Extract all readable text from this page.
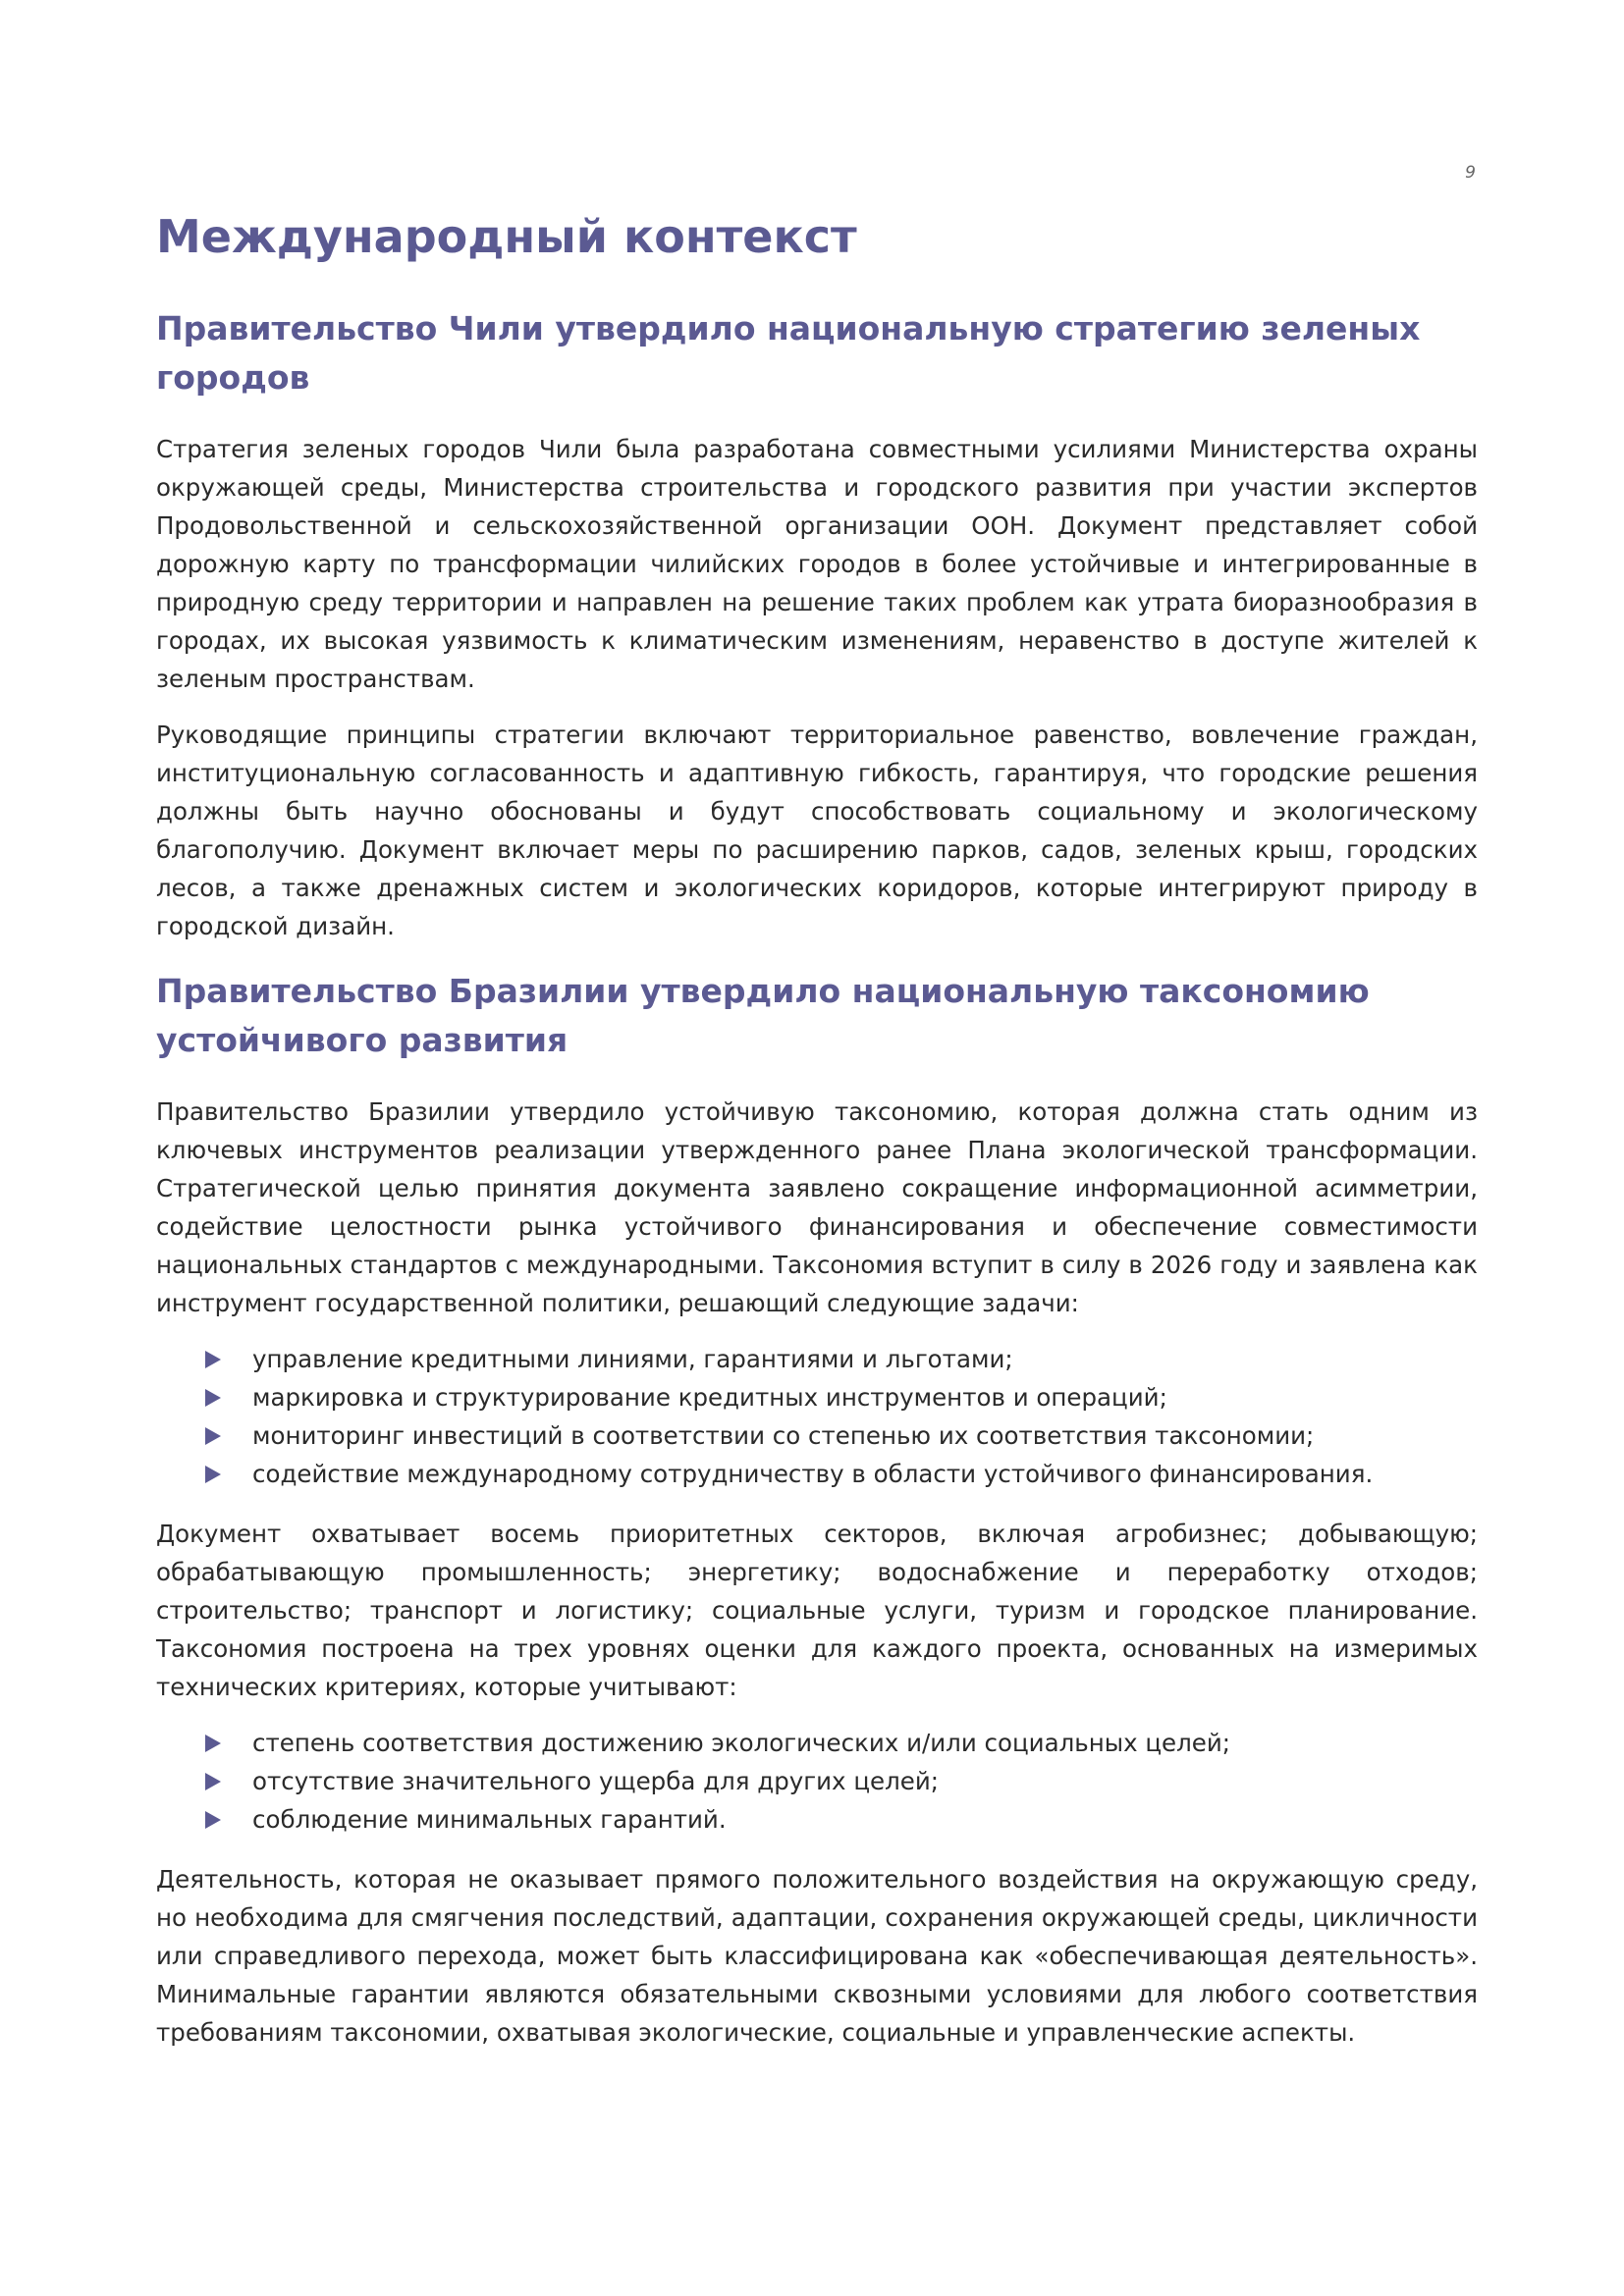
9
Международный контекст
Правительство Чили утвердило национальную стратегию зеленых городов

Стратегия зеленых городов Чили была разработана совместными усилиями Министерства охраны окружающей среды, Министерства строительства и городского развития при участии экспертов Продовольственной и сельскохозяйственной организации ООН. Документ представляет собой дорожную карту по трансформации чилийских городов в более устойчивые и интегрированные в природную среду территории и направлен на решение таких проблем как утрата биоразнообразия в городах, их высокая уязвимость к климатическим изменениям, неравенство в доступе жителей к зеленым пространствам.

Руководящие принципы стратегии включают территориальное равенство, вовлечение граждан, институциональную согласованность и адаптивную гибкость, гарантируя, что городские решения должны быть научно обоснованы и будут способствовать социальному и экологическому благополучию. Документ включает меры по расширению парков, садов, зеленых крыш, городских лесов, а также дренажных систем и экологических коридоров, которые интегрируют природу в городской дизайн.

Правительство Бразилии утвердило национальную таксономию устойчивого развития

Правительство Бразилии утвердило устойчивую таксономию, которая должна стать одним из ключевых инструментов реализации утвержденного ранее Плана экологической трансформации. Стратегической целью принятия документа заявлено сокращение информационной асимметрии, содействие целостности рынка устойчивого финансирования и обеспечение совместимости национальных стандартов с международными. Таксономия вступит в силу в 2026 году и заявлена как инструмент государственной политики, решающий следующие задачи:

управление кредитными линиями, гарантиями и льготами;
маркировка и структурирование кредитных инструментов и операций;
мониторинг инвестиций в соответствии со степенью их соответствия таксономии;
содействие международному сотрудничеству в области устойчивого финансирования.

Документ охватывает восемь приоритетных секторов, включая агробизнес; добывающую; обрабатывающую промышленность; энергетику; водоснабжение и переработку отходов; строительство; транспорт и логистику; социальные услуги, туризм и городское планирование. Таксономия построена на трех уровнях оценки для каждого проекта, основанных на измеримых технических критериях, которые учитывают:

степень соответствия достижению экологических и/или социальных целей;
отсутствие значительного ущерба для других целей;
соблюдение минимальных гарантий.

Деятельность, которая не оказывает прямого положительного воздействия на окружающую среду, но необходима для смягчения последствий, адаптации, сохранения окружающей среды, цикличности или справедливого перехода, может быть классифицирована как «обеспечивающая деятельность». Минимальные гарантии являются обязательными сквозными условиями для любого соответствия требованиям таксономии, охватывая экологические, социальные и управленческие аспекты.
